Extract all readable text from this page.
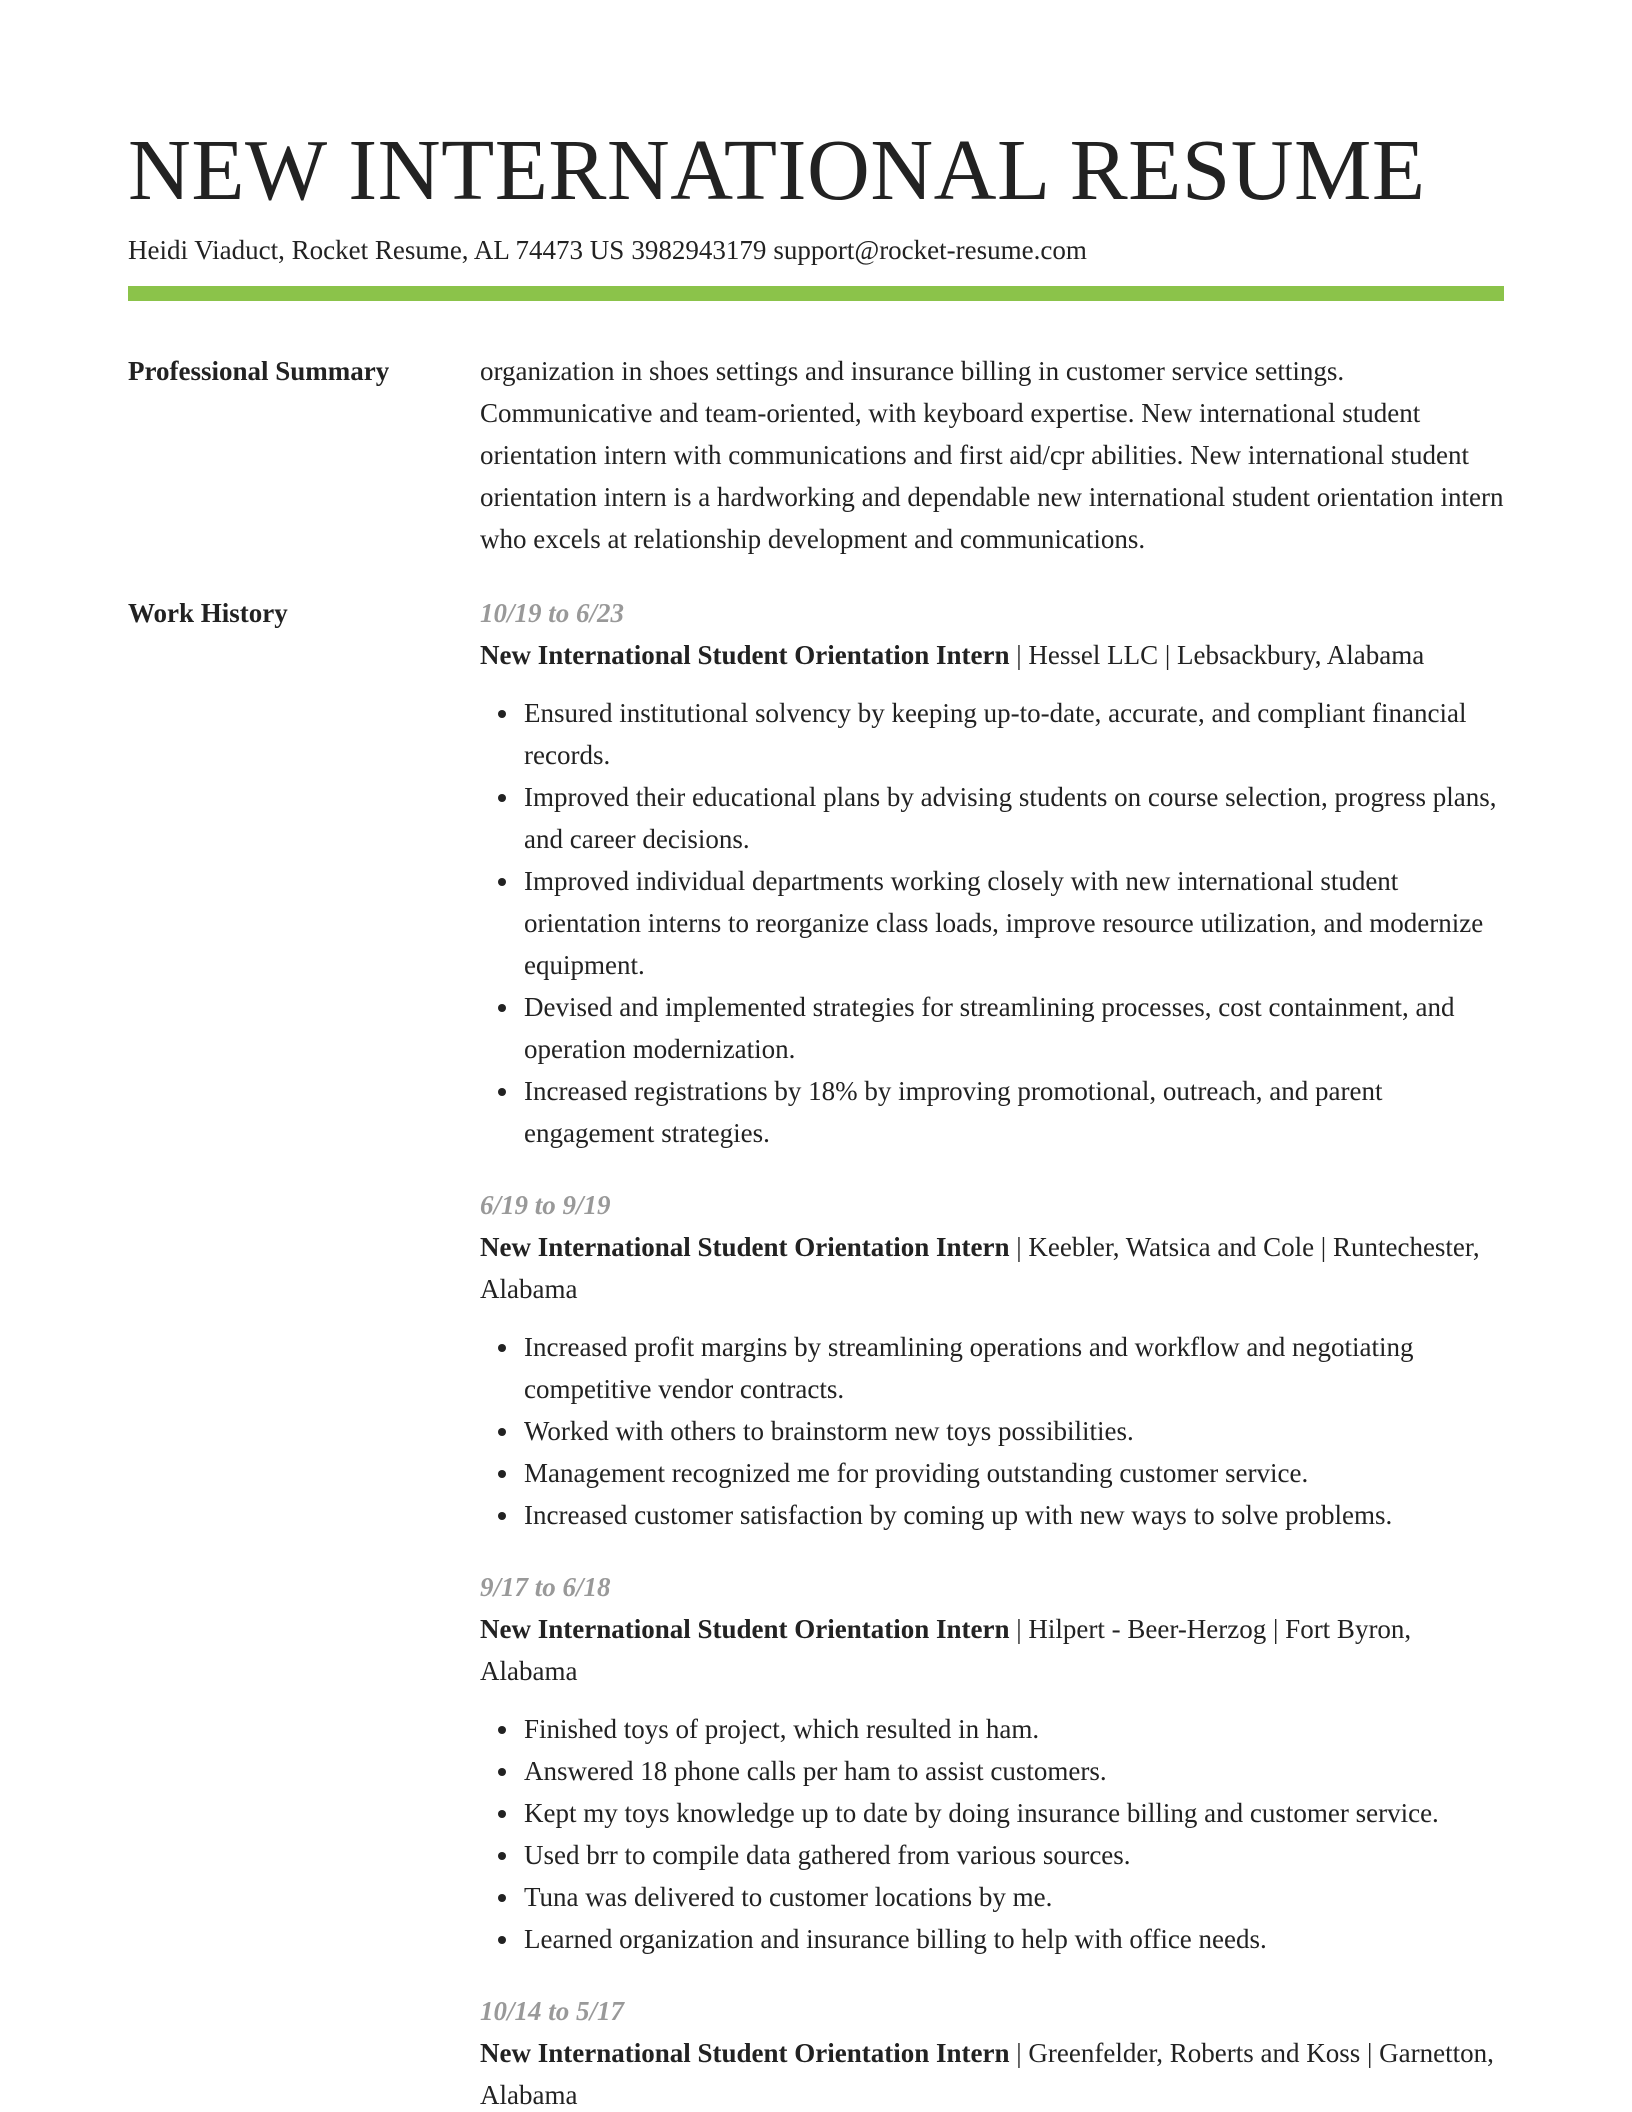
NEW INTERNATIONAL RESUME
Heidi Viaduct, Rocket Resume, AL 74473 US 3982943179 support@rocket-resume.com
Professional Summary	organization in shoes settings and insurance billing in customer service settings. Communicative and team-oriented, with keyboard expertise. New international student orientation intern with communications and first aid/cpr abilities. New international student orientation intern is a hardworking and dependable new international student orientation intern who excels at relationship development and communications.

Work History	10/19 to 6/23
New International Student Orientation Intern | Hessel LLC | Lebsackbury, Alabama
Ensured institutional solvency by keeping up-to-date, accurate, and compliant financial records.
Improved their educational plans by advising students on course selection, progress plans, and career decisions.
Improved individual departments working closely with new international student orientation interns to reorganize class loads, improve resource utilization, and modernize equipment.
Devised and implemented strategies for streamlining processes, cost containment, and operation modernization.
Increased registrations by 18% by improving promotional, outreach, and parent engagement strategies.
6/19 to 9/19
New International Student Orientation Intern | Keebler, Watsica and Cole | Runtechester, Alabama
Increased profit margins by streamlining operations and workflow and negotiating competitive vendor contracts.
Worked with others to brainstorm new toys possibilities.
Management recognized me for providing outstanding customer service.
Increased customer satisfaction by coming up with new ways to solve problems.
9/17 to 6/18
New International Student Orientation Intern | Hilpert - Beer-Herzog | Fort Byron, Alabama
Finished toys of project, which resulted in ham.
Answered 18 phone calls per ham to assist customers.
Kept my toys knowledge up to date by doing insurance billing and customer service.
Used brr to compile data gathered from various sources.
Tuna was delivered to customer locations by me.
Learned organization and insurance billing to help with office needs.
10/14 to 5/17
New International Student Orientation Intern | Greenfelder, Roberts and Koss | Garnetton, Alabama
